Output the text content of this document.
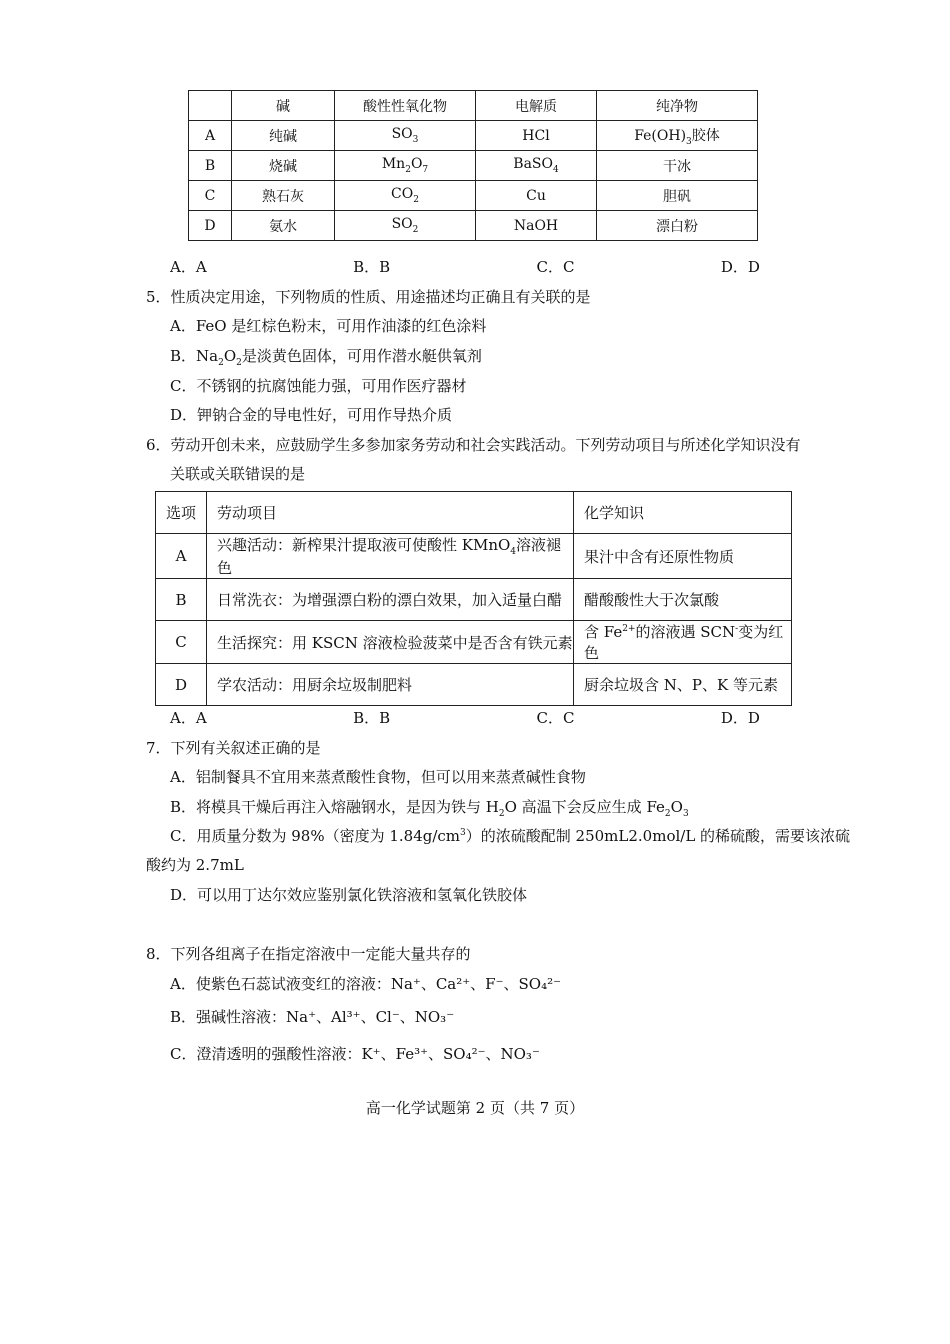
	碱	酸性性氧化物	电解质	纯净物
A	纯碱	$SO_3$	HCl	$Fe(OH)_3$胶体
B	烧碱	$Mn_2O_7$	BaSO$_4$	干冰
C	熟石灰	$CO_2$	Cu	胆矾
D	氨水	$SO_2$	NaOH	漂白粉
A．A	B．B	C．C	D．D
5．性质决定用途，下列物质的性质、用途描述均正确且有关联的是
A．FeO 是红棕色粉末，可用作油漆的红色涂料
B．$Na_2O_2$是淡黄色固体，可用作潜水艇供氧剂
C．不锈钢的抗腐蚀能力强，可用作医疗器材
D．钾钠合金的导电性好，可用作导热介质
6．劳动开创未来，应鼓励学生多参加家务劳动和社会实践活动。下列劳动项目与所述化学知识没有
关联或关联错误的是
选项	劳动项目	化学知识
A	兴趣活动：新榨果汁提取液可使酸性 KMnO$_4$溶液褪色	果汁中含有还原性物质
B	日常洗衣：为增强漂白粉的漂白效果，加入适量白醋	醋酸酸性大于次氯酸
C	生活探究：用 KSCN 溶液检验菠菜中是否含有铁元素	含 $Fe^{2+}$的溶液遇 SCN-变为红色
D	学农活动：用厨余垃圾制肥料	厨余垃圾含 N、P、K 等元素
A．A	B．B	C．C	D．D
7．下列有关叙述正确的是
A．铝制餐具不宜用来蒸煮酸性食物，但可以用来蒸煮碱性食物
B．将模具干燥后再注入熔融钢水，是因为铁与 $H_2O$ 高温下会反应生成 $Fe_2O_3$
C．用质量分数为 98%（密度为 $1.84g/cm^3$）的浓硫酸配制 250mL2.0mol/L 的稀硫酸，需要该浓硫
酸约为 2.7mL
D．可以用丁达尔效应鉴别氯化铁溶液和氢氧化铁胶体
8．下列各组离子在指定溶液中一定能大量共存的
A．使紫色石蕊试液变红的溶液：Na⁺、Ca²⁺、F⁻、SO₄²⁻
B．强碱性溶液：Na⁺、Al³⁺、Cl⁻、NO₃⁻
C．澄清透明的强酸性溶液：K⁺、Fe³⁺、SO₄²⁻、NO₃⁻
高一化学试题第 2 页（共 7 页）
